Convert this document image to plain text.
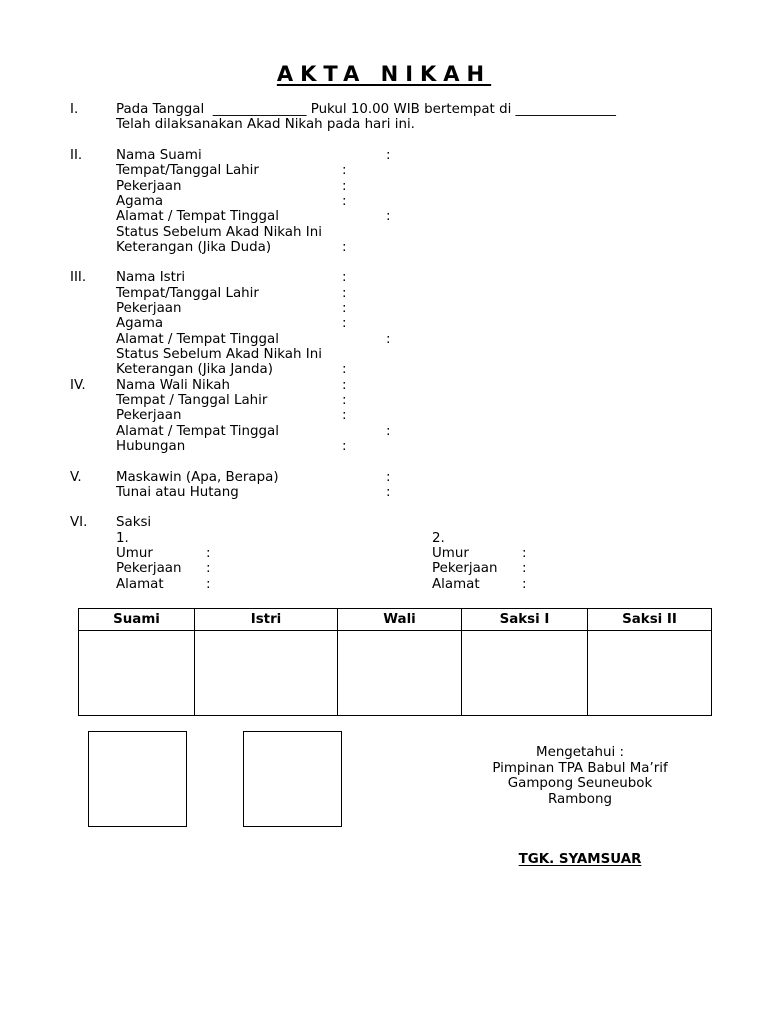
AKTA NIKAH
I.	Pada Tanggal  ______________ Pukul 10.00 WIB bertempat di _______________
Telah dilaksanakan Akad Nikah pada hari ini.
II.	Nama Suami	:
Tempat/Tanggal Lahir	:
Pekerjaan	:
Agama	:
Alamat / Tempat Tinggal	:
Status Sebelum Akad Nikah Ini
Keterangan (Jika Duda)	:
III. Nama Istri	:
Tempat/Tanggal Lahir	:
Pekerjaan	:
Agama	:
Alamat / Tempat Tinggal	:
Status Sebelum Akad Nikah Ini
Keterangan (Jika Janda)	:
IV. Nama Wali Nikah	:
Tempat / Tanggal Lahir	:
Pekerjaan	:
Alamat / Tempat Tinggal	:
Hubungan	:
V.	Maskawin (Apa, Berapa)	:
Tunai atau Hutang	:
VI. Saksi
1.
Umur	:
Pekerjaan :
Alamat	:
2.
Umur	:
Pekerjaan :
Alamat	:
Suami	Istri	Wali	Saksi I	Saksi II

Mengetahui :
Pimpinan TPA Babul Ma’rif
Gampong Seuneubok
Rambong
TGK. SYAMSUAR
